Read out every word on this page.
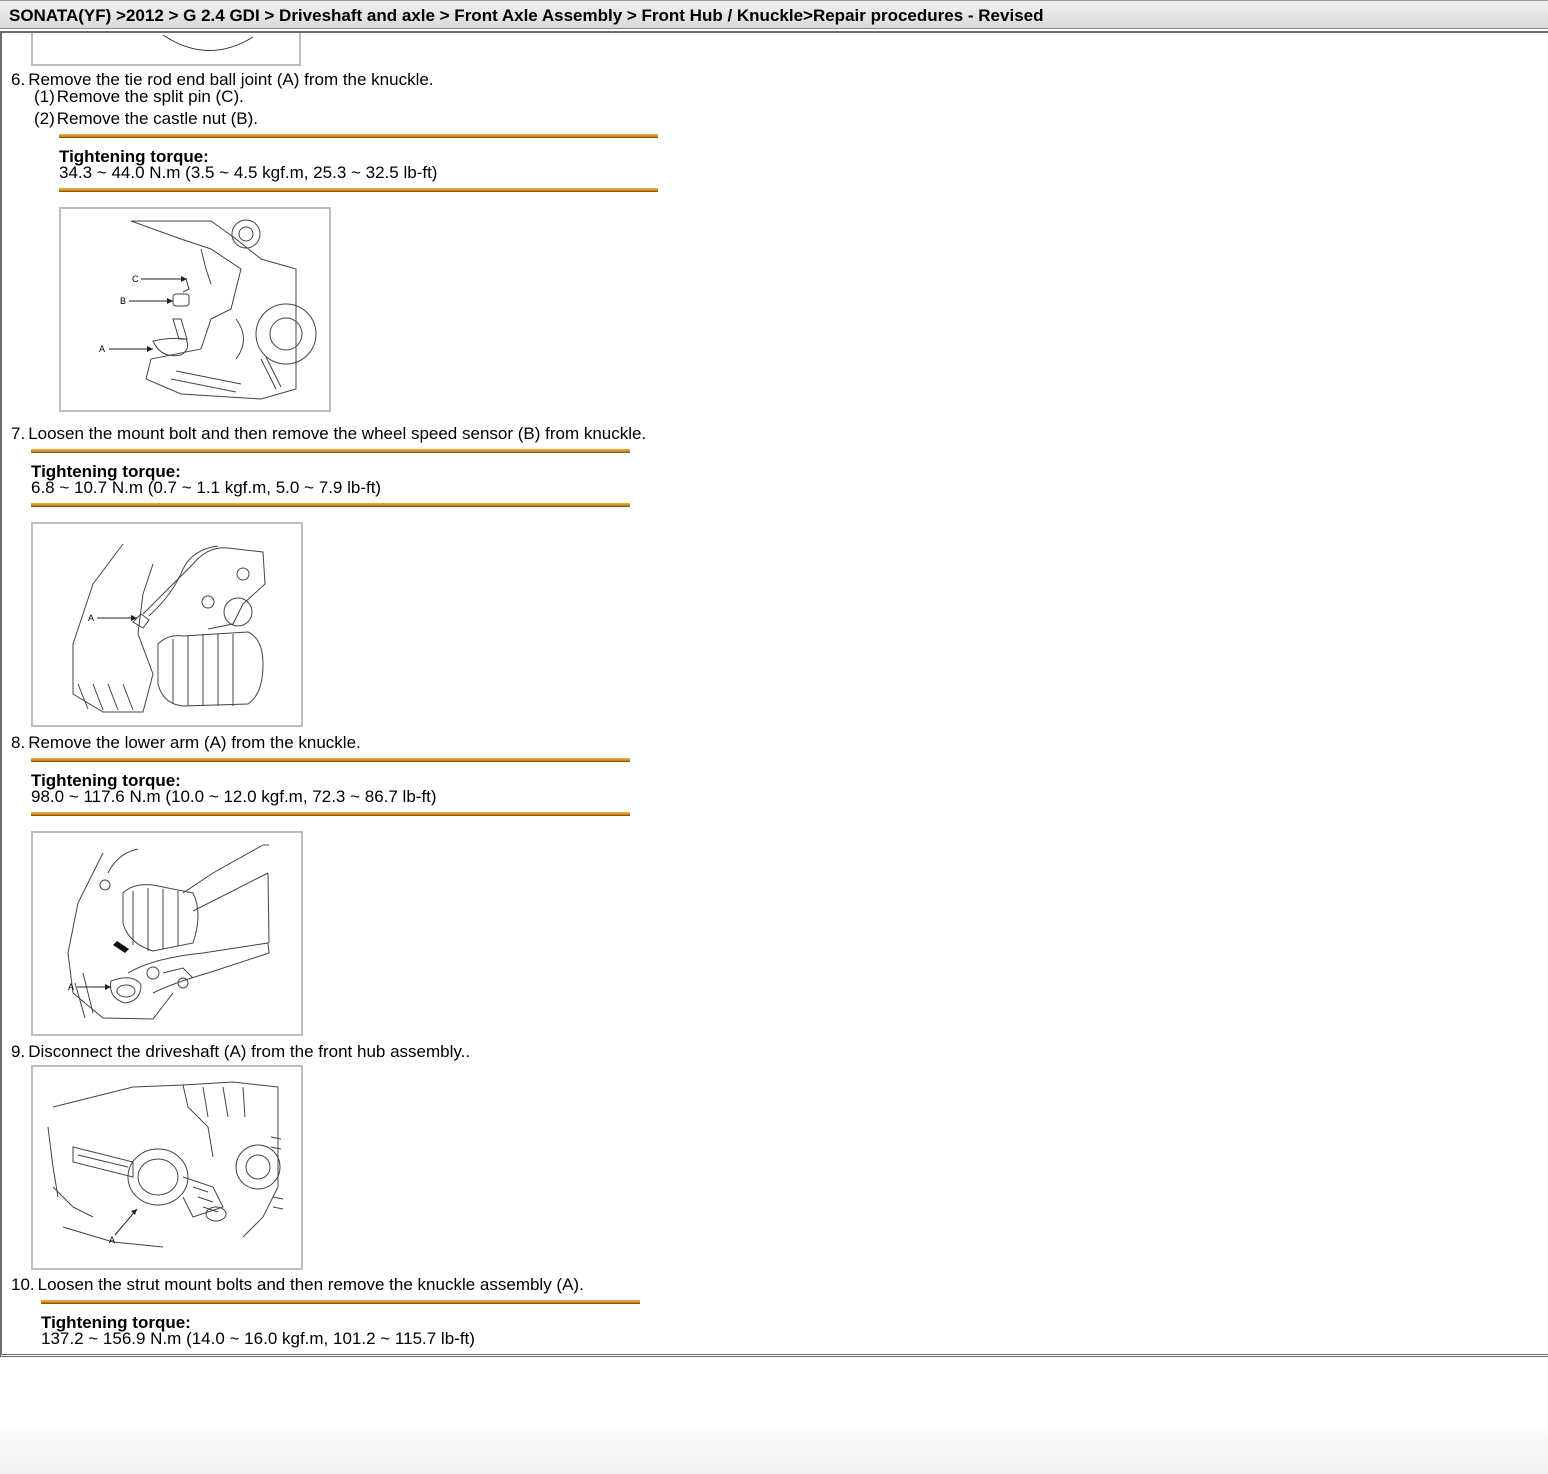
SONATA(YF) >2012 > G 2.4 GDI > Driveshaft and axle > Front Axle Assembly > Front Hub / Knuckle>Repair procedures - Revised
6. Remove the tie rod end ball joint (A) from the knuckle.
(1) Remove the split pin (C).
(2) Remove the castle nut (B).
Tightening torque:
34.3 ~ 44.0 N.m (3.5 ~ 4.5 kgf.m, 25.3 ~ 32.5 lb-ft)
C
B
A
7. Loosen the mount bolt and then remove the wheel speed sensor (B) from knuckle.
Tightening torque:
6.8 ~ 10.7 N.m (0.7 ~ 1.1 kgf.m, 5.0 ~ 7.9 lb-ft)
A
8. Remove the lower arm (A) from the knuckle.
Tightening torque:
98.0 ~ 117.6 N.m (10.0 ~ 12.0 kgf.m, 72.3 ~ 86.7 lb-ft)
A
9. Disconnect the driveshaft (A) from the front hub assembly..
A
10. Loosen the strut mount bolts and then remove the knuckle assembly (A).
Tightening torque:
137.2 ~ 156.9 N.m (14.0 ~ 16.0 kgf.m, 101.2 ~ 115.7 lb-ft)
